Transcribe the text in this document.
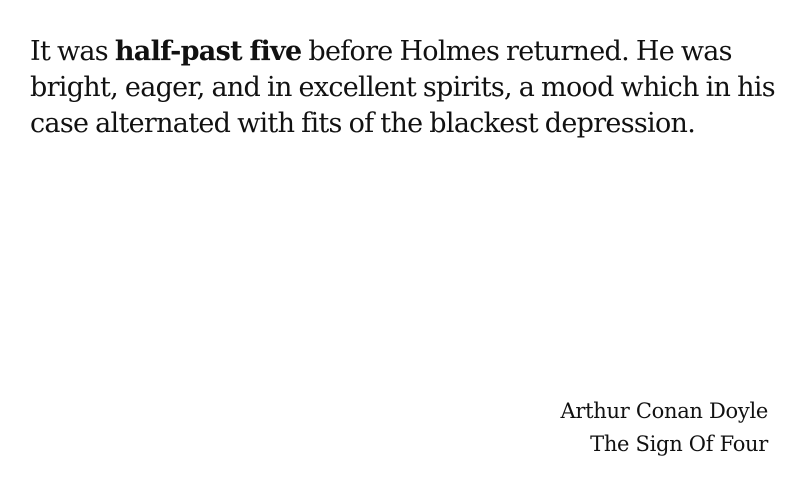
It was half-past five before Holmes returned. He was bright, eager, and in excellent spirits, a mood which in his case alternated with fits of the blackest depression.

Arthur Conan Doyle
The Sign Of Four
